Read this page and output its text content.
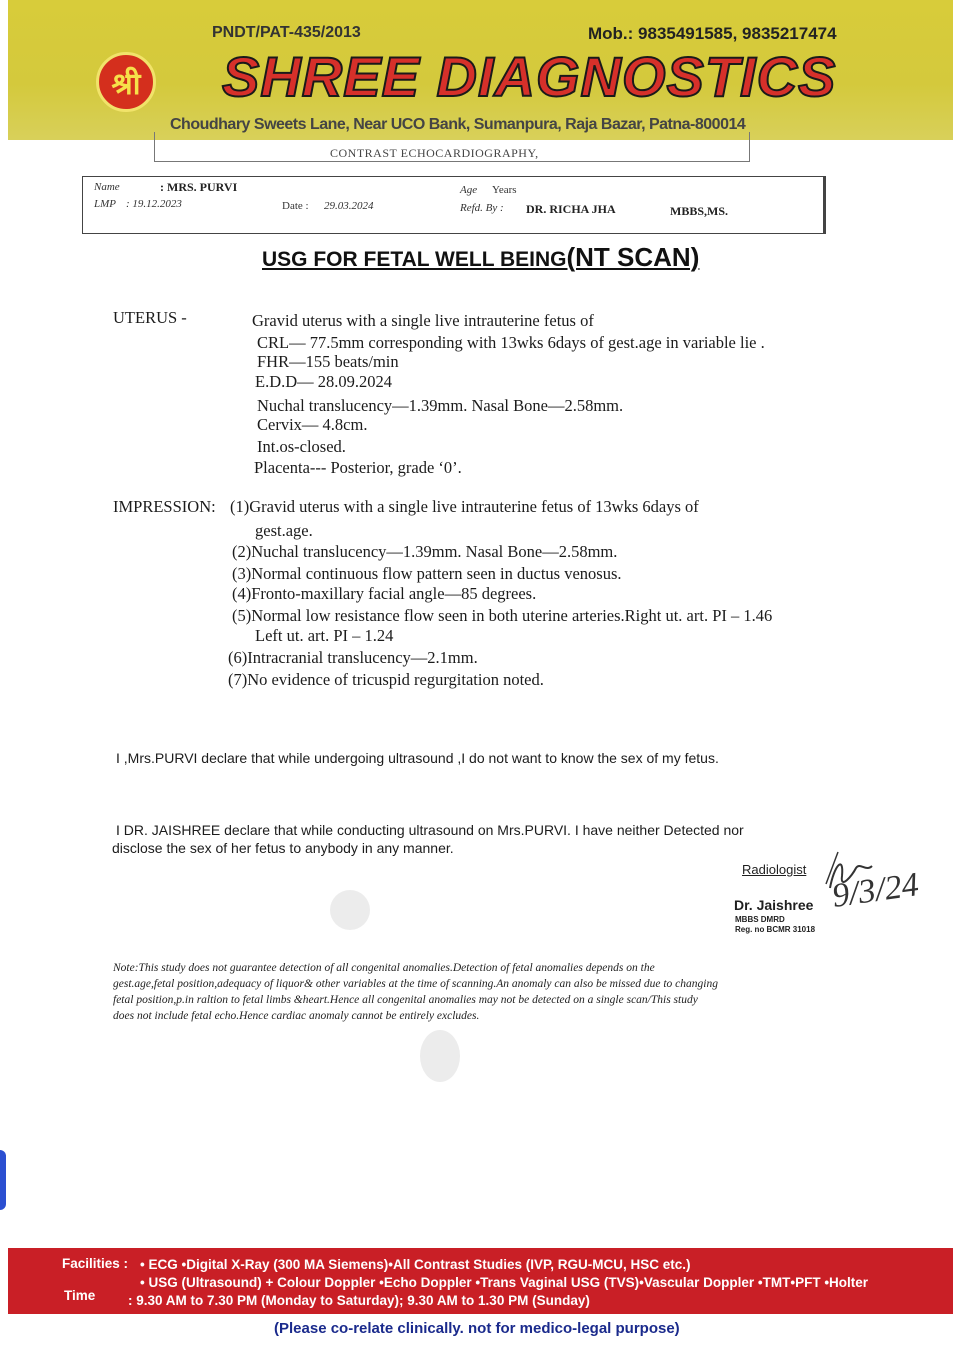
श्री
PNDT/PAT-435/2013	Mob.: 9835491585, 9835217474
SHREE DIAGNOSTICS
Choudhary Sweets Lane, Near UCO Bank, Sumanpura, Raja Bazar, Patna-800014
CONTRAST ECHOCARDIOGRAPHY,
Name	: MRS. PURVI
LMP : 19.12.2023	Date : 29.03.2024
Age Years
Refd. By : DR. RICHA JHA	MBBS,MS.
USG FOR FETAL WELL BEING(NT SCAN)
UTERUS -	Gravid uterus with a single live intrauterine fetus of
CRL— 77.5mm corresponding with 13wks 6days of gest.age in variable lie .
FHR—155 beats/min
E.D.D— 28.09.2024
Nuchal translucency—1.39mm. Nasal Bone—2.58mm.
Cervix— 4.8cm.
Int.os-closed.
Placenta--- Posterior, grade ‘0’.
IMPRESSION: (1)Gravid uterus with a single live intrauterine fetus of 13wks 6days of
gest.age.
(2)Nuchal translucency—1.39mm. Nasal Bone—2.58mm.
(3)Normal continuous flow pattern seen in ductus venosus.
(4)Fronto-maxillary facial angle—85 degrees.
(5)Normal low resistance flow seen in both uterine arteries.Right ut. art. PI – 1.46
Left ut. art. PI – 1.24
(6)Intracranial translucency—2.1mm.
(7)No evidence of tricuspid regurgitation noted.
I ,Mrs.PURVI declare that while undergoing ultrasound ,I do not want to know the sex of my fetus.
I DR. JAISHREE declare that while conducting ultrasound on Mrs.PURVI. I have neither Detected nor
disclose the sex of her fetus to anybody in any manner.
Radiologist
Dr. Jaishree
MBBS DMRD
Reg. no BCMR 31018
9/3/24
Note:This study does not guarantee detection of all congenital anomalies.Detection of fetal anomalies depends on the
gest.age,fetal position,adequacy of liquor& other variables at the time of scanning.An anomaly can also be missed due to changing
fetal position,p.in raltion to fetal limbs &heart.Hence all congenital anomalies may not be detected on a single scan/This study
does not include fetal echo.Hence cardiac anomaly cannot be entirely excludes.
Facilities : • ECG •Digital X-Ray (300 MA Siemens)•All Contrast Studies (IVP, RGU-MCU, HSC etc.)
• USG (Ultrasound) + Colour Doppler •Echo Doppler •Trans Vaginal USG (TVS)•Vascular Doppler •TMT•PFT •Holter
Time : 9.30 AM to 7.30 PM (Monday to Saturday); 9.30 AM to 1.30 PM (Sunday)
(Please co-relate clinically. not for medico-legal purpose)
